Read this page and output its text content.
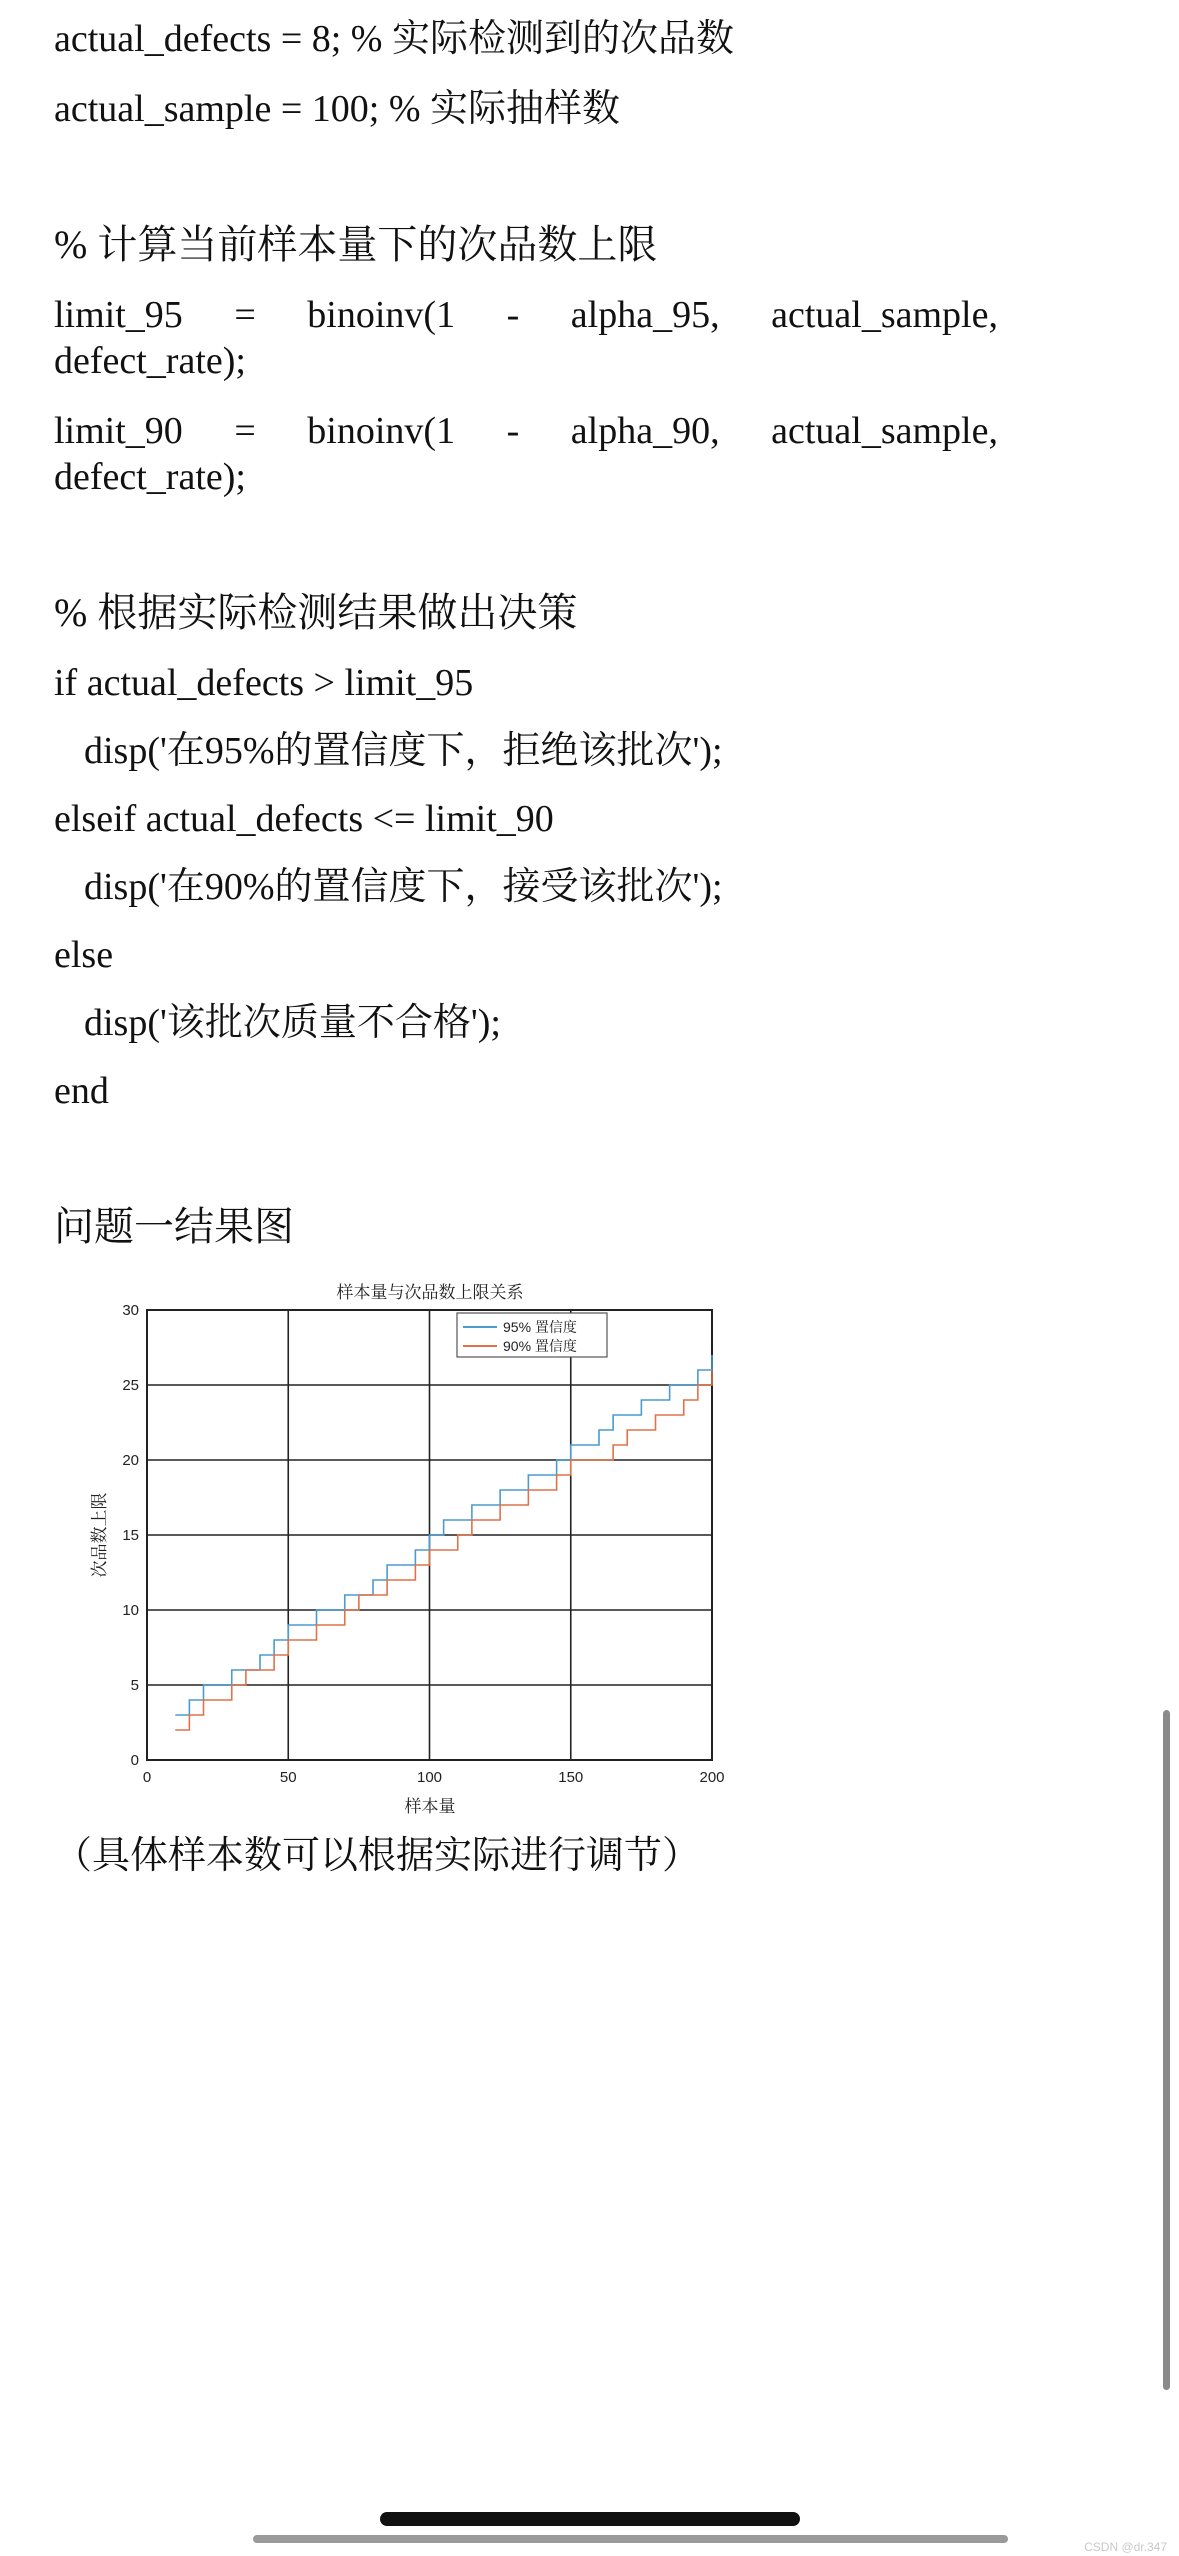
actual_defects = 8; % 实际检测到的次品数
actual_sample = 100; % 实际抽样数
% 计算当前样本量下的次品数上限
limit_95 = binoinv(1 - alpha_95, actual_sample,
defect_rate);
limit_90 = binoinv(1 - alpha_90, actual_sample,
defect_rate);
% 根据实际检测结果做出决策
if actual_defects > limit_95
disp('在95%的置信度下，拒绝该批次');
elseif actual_defects <= limit_90
disp('在90%的置信度下，接受该批次');
else
disp('该批次质量不合格');
end
问题一结果图
样本量与次品数上限关系
0	50	100	150	200
0
5
10
15
20
25
30
95% 置信度
90% 置信度
样本量
次品数上限
（具体样本数可以根据实际进行调节）
CSDN @dr.347
